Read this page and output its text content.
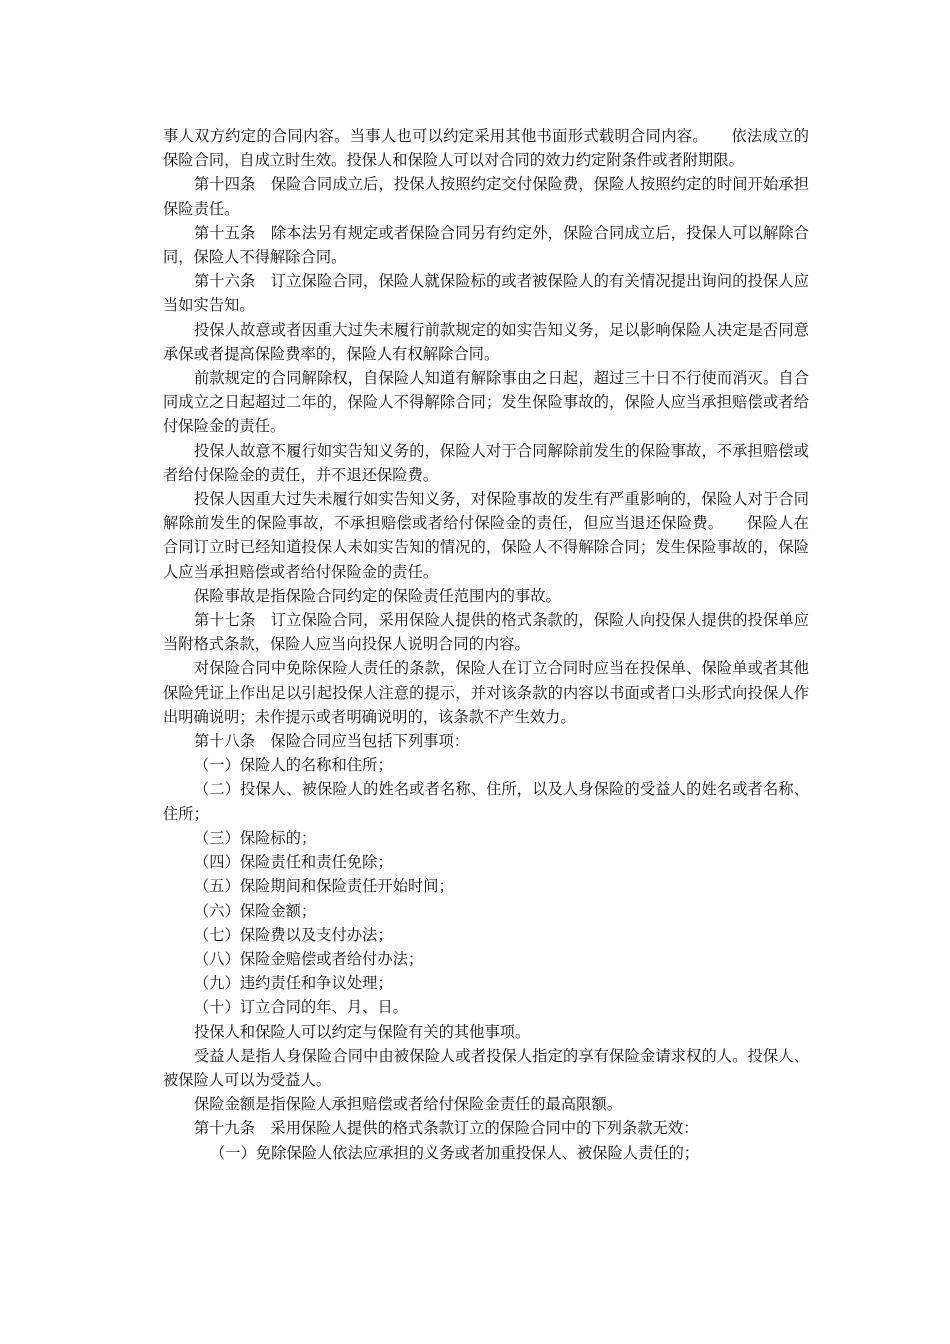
事人双方约定的合同内容。当事人也可以约定采用其他书面形式载明合同内容。　　依法成立的保险合同，自成立时生效。投保人和保险人可以对合同的效力约定附条件或者附期限。

第十四条　保险合同成立后，投保人按照约定交付保险费，保险人按照约定的时间开始承担保险责任。

第十五条　除本法另有规定或者保险合同另有约定外，保险合同成立后，投保人可以解除合同，保险人不得解除合同。

第十六条　订立保险合同，保险人就保险标的或者被保险人的有关情况提出询问的投保人应当如实告知。

投保人故意或者因重大过失未履行前款规定的如实告知义务，足以影响保险人决定是否同意承保或者提高保险费率的，保险人有权解除合同。

前款规定的合同解除权，自保险人知道有解除事由之日起，超过三十日不行使而消灭。自合同成立之日起超过二年的，保险人不得解除合同；发生保险事故的，保险人应当承担赔偿或者给付保险金的责任。

投保人故意不履行如实告知义务的，保险人对于合同解除前发生的保险事故，不承担赔偿或者给付保险金的责任，并不退还保险费。

投保人因重大过失未履行如实告知义务，对保险事故的发生有严重影响的，保险人对于合同解除前发生的保险事故，不承担赔偿或者给付保险金的责任，但应当退还保险费。　　保险人在合同订立时已经知道投保人未如实告知的情况的，保险人不得解除合同；发生保险事故的，保险人应当承担赔偿或者给付保险金的责任。

保险事故是指保险合同约定的保险责任范围内的事故。

第十七条　订立保险合同，采用保险人提供的格式条款的，保险人向投保人提供的投保单应当附格式条款，保险人应当向投保人说明合同的内容。

对保险合同中免除保险人责任的条款，保险人在订立合同时应当在投保单、保险单或者其他保险凭证上作出足以引起投保人注意的提示，并对该条款的内容以书面或者口头形式向投保人作出明确说明；未作提示或者明确说明的，该条款不产生效力。

第十八条　保险合同应当包括下列事项：

（一）保险人的名称和住所；

（二）投保人、被保险人的姓名或者名称、住所，以及人身保险的受益人的姓名或者名称、住所；

（三）保险标的；

（四）保险责任和责任免除；

（五）保险期间和保险责任开始时间；

（六）保险金额；

（七）保险费以及支付办法；

（八）保险金赔偿或者给付办法；

（九）违约责任和争议处理；

（十）订立合同的年、月、日。

投保人和保险人可以约定与保险有关的其他事项。

受益人是指人身保险合同中由被保险人或者投保人指定的享有保险金请求权的人。投保人、被保险人可以为受益人。

保险金额是指保险人承担赔偿或者给付保险金责任的最高限额。

第十九条　采用保险人提供的格式条款订立的保险合同中的下列条款无效：

（一）免除保险人依法应承担的义务或者加重投保人、被保险人责任的；
